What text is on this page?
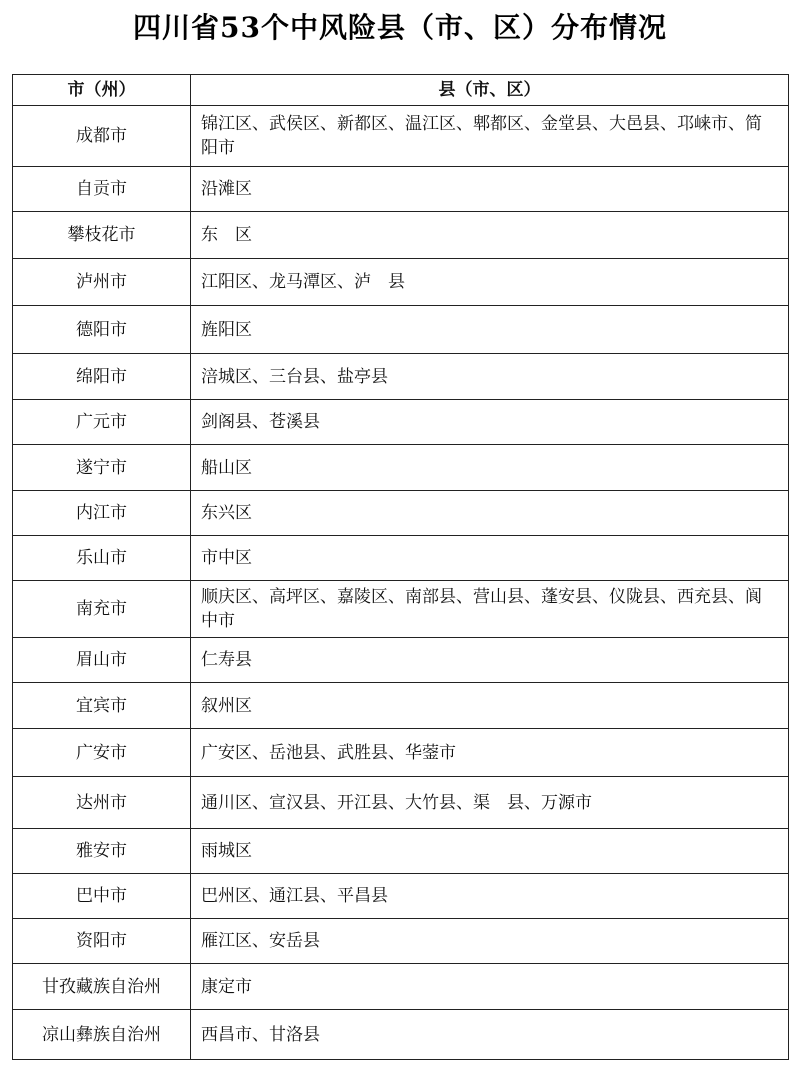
四川省53个中风险县（市、区）分布情况
市（州）	县（市、区）
成都市	锦江区、武侯区、新都区、温江区、郫都区、金堂县、大邑县、邛崃市、简阳市
自贡市	沿滩区
攀枝花市	东　区
泸州市	江阳区、龙马潭区、泸　县
德阳市	旌阳区
绵阳市	涪城区、三台县、盐亭县
广元市	剑阁县、苍溪县
遂宁市	船山区
内江市	东兴区
乐山市	市中区
南充市	顺庆区、高坪区、嘉陵区、南部县、营山县、蓬安县、仪陇县、西充县、阆中市
眉山市	仁寿县
宜宾市	叙州区
广安市	广安区、岳池县、武胜县、华蓥市
达州市	通川区、宣汉县、开江县、大竹县、渠　县、万源市
雅安市	雨城区
巴中市	巴州区、通江县、平昌县
资阳市	雁江区、安岳县
甘孜藏族自治州	康定市
凉山彝族自治州	西昌市、甘洛县
